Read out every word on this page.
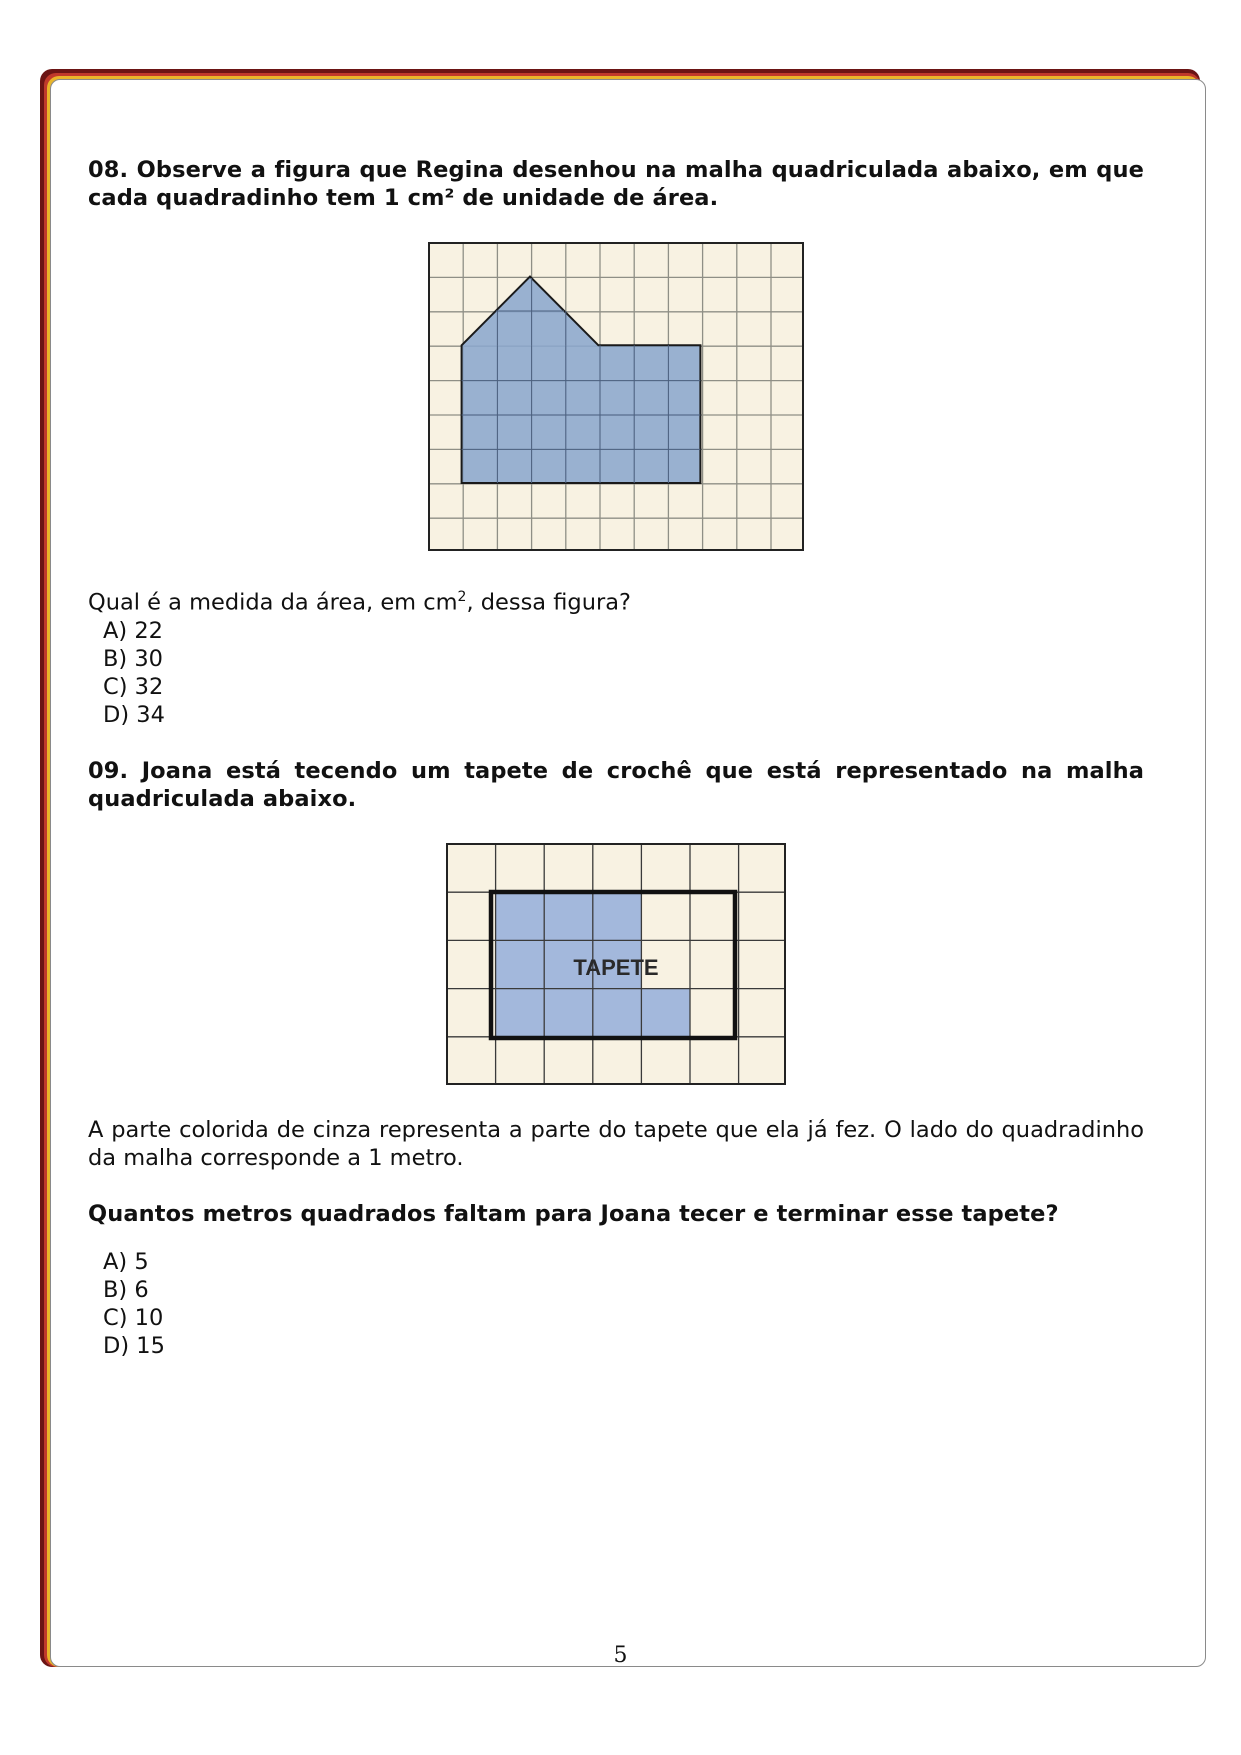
08. Observe a figura que Regina desenhou na malha quadriculada abaixo, em que cada quadradinho tem 1 cm² de unidade de área.

Qual é a medida da área, em $cm^2$, dessa figura?

A) 22
B) 30
C) 32
D) 34

09. Joana está tecendo um tapete de crochê que está representado na malha quadriculada abaixo.

TAPETE

A parte colorida de cinza representa a parte do tapete que ela já fez. O lado do quadradinho da malha corresponde a 1 metro.

Quantos metros quadrados faltam para Joana tecer e terminar esse tapete?

A) 5
B) 6
C) 10
D) 15
5
